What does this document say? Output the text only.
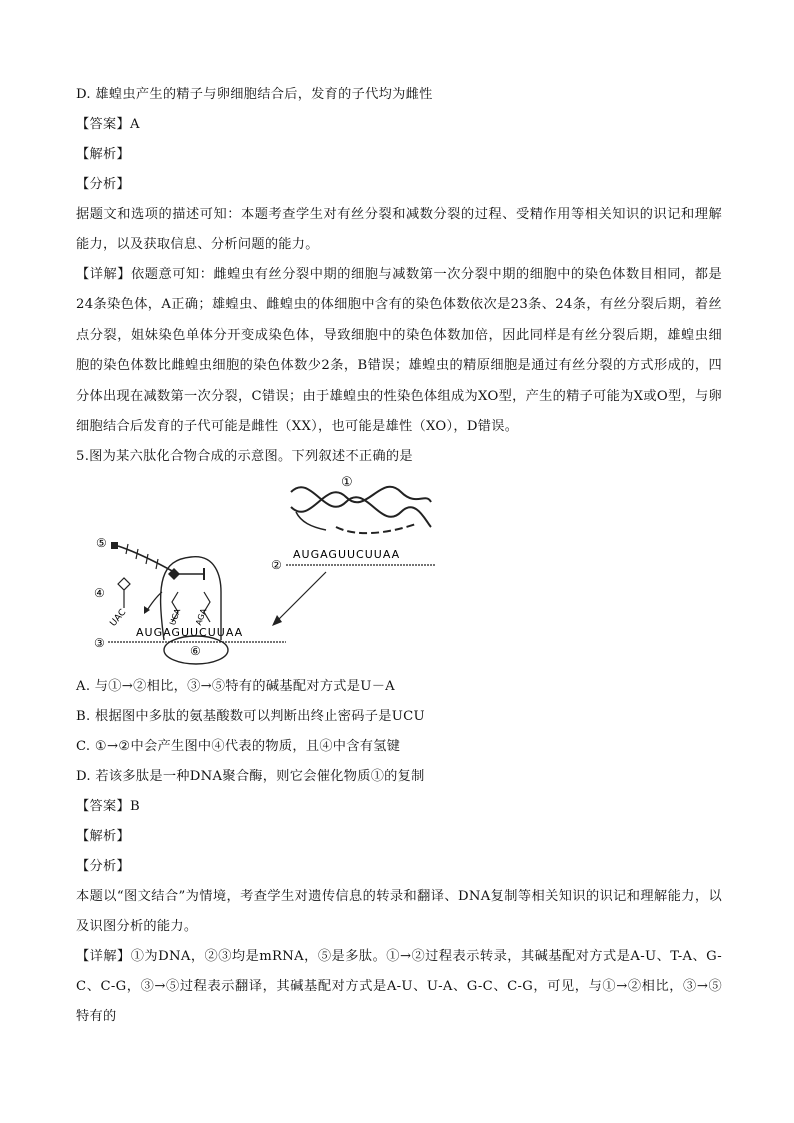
D. 雄蝗虫产生的精子与卵细胞结合后，发育的子代均为雌性

【答案】A

【解析】

【分析】

据题文和选项的描述可知：本题考查学生对有丝分裂和减数分裂的过程、受精作用等相关知识的识记和理解能力，以及获取信息、分析问题的能力。

【详解】依题意可知：雌蝗虫有丝分裂中期的细胞与减数第一次分裂中期的细胞中的染色体数目相同，都是24条染色体，A正确；雄蝗虫、雌蝗虫的体细胞中含有的染色体数依次是23条、24条，有丝分裂后期，着丝点分裂，姐妹染色单体分开变成染色体，导致细胞中的染色体数加倍，因此同样是有丝分裂后期，雄蝗虫细胞的染色体数比雌蝗虫细胞的染色体数少2条，B错误；雄蝗虫的精原细胞是通过有丝分裂的方式形成的，四分体出现在减数第一次分裂，C错误；由于雄蝗虫的性染色体组成为XO型，产生的精子可能为X或O型，与卵细胞结合后发育的子代可能是雌性（XX），也可能是雄性（XO），D错误。

5.图为某六肽化合物合成的示意图。下列叙述不正确的是

①
②
AUGAGUUCUUAA
③
AUGAGUUCUUAA
⑥
UCA AGA
⑤
④
UAC

A. 与①→②相比，③→⑤特有的碱基配对方式是U－A

B. 根据图中多肽的氨基酸数可以判断出终止密码子是UCU

C. ①→②中会产生图中④代表的物质，且④中含有氢键

D. 若该多肽是一种DNA聚合酶，则它会催化物质①的复制

【答案】B

【解析】

【分析】

本题以“图文结合”为情境，考查学生对遗传信息的转录和翻译、DNA复制等相关知识的识记和理解能力，以及识图分析的能力。

【详解】①为DNA，②③均是mRNA，⑤是多肽。①→②过程表示转录，其碱基配对方式是A-U、T-A、G-C、C-G，③→⑤过程表示翻译，其碱基配对方式是A-U、U-A、G-C、C-G，可见，与①→②相比，③→⑤特有的
